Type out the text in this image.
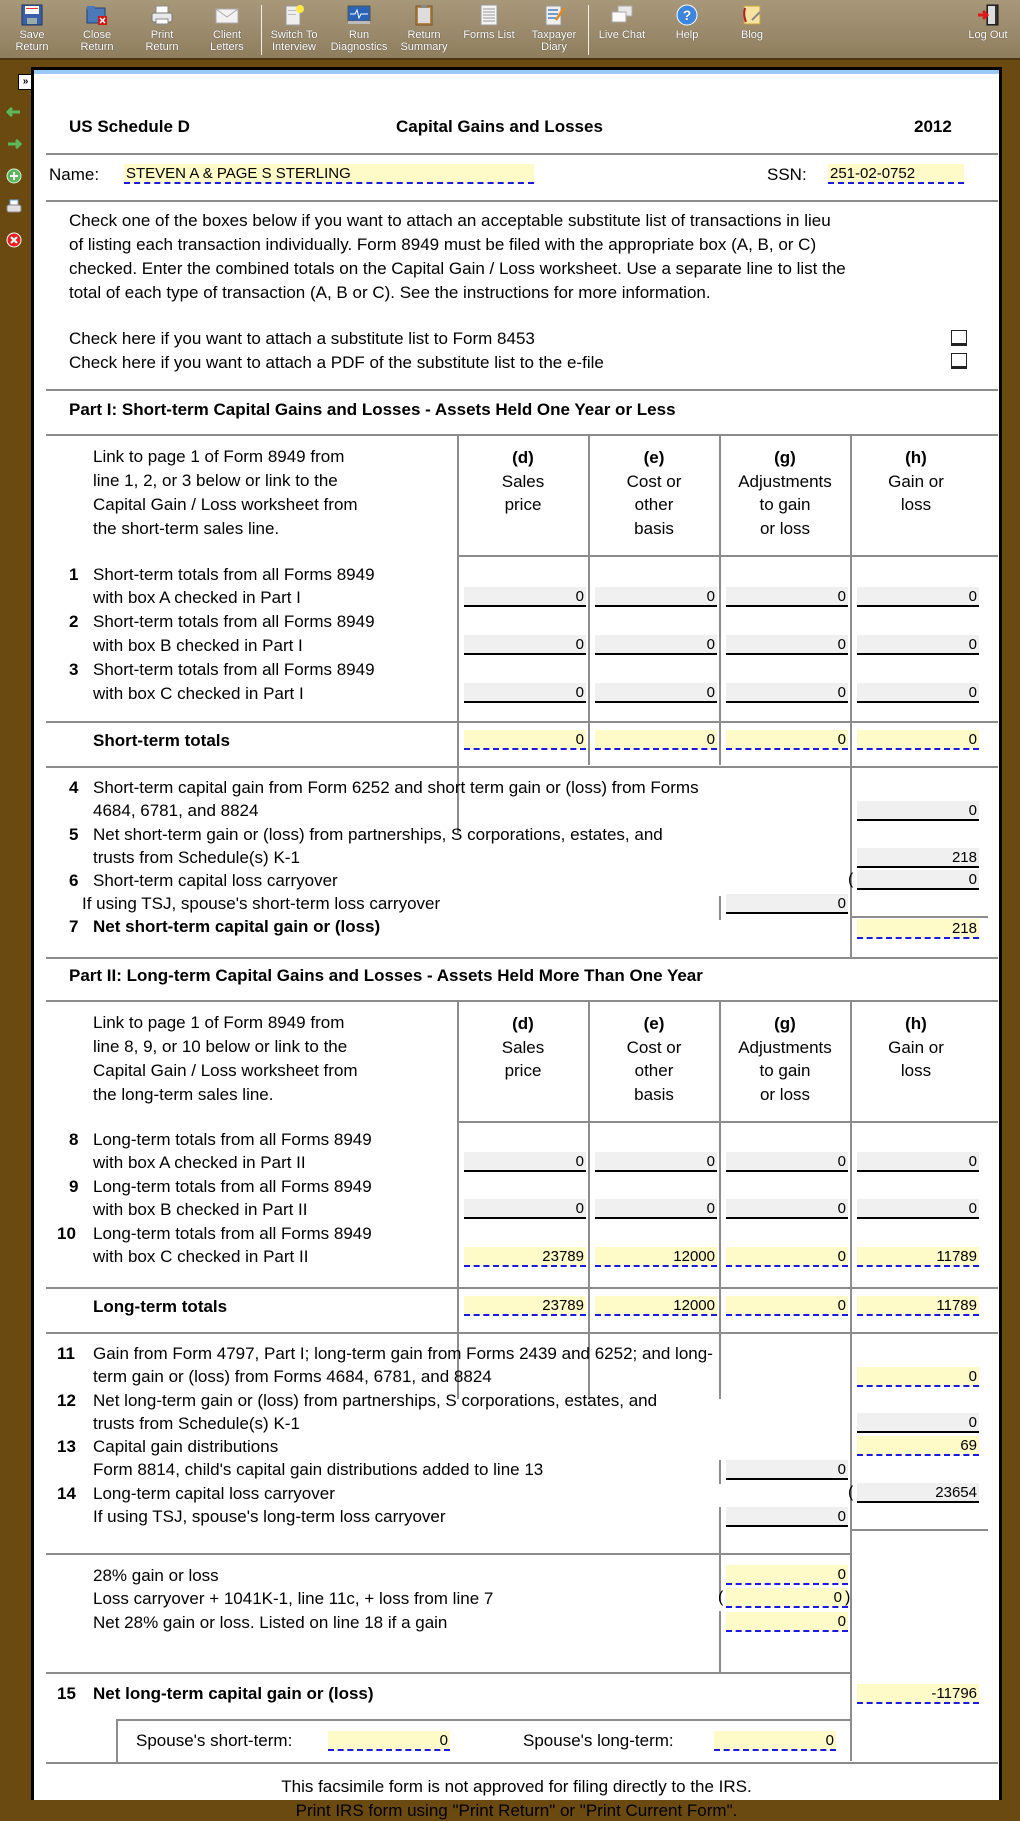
Save
Return
Close
Return
Print
Return
Client
Letters
Switch To
Interview
Run
Diagnostics
Return
Summary
Forms List	Taxpayer
Diary
Live Chat
?
Help	Blog	Log Out
»
US Schedule D	Capital Gains and Losses	2012
Name: STEVEN A & PAGE S STERLING	SSN: 251-02-0752
Check one of the boxes below if you want to attach an acceptable substitute list of transactions in lieu
of listing each transaction individually. Form 8949 must be filed with the appropriate box (A, B, or C)
checked. Enter the combined totals on the Capital Gain / Loss worksheet. Use a separate line to list the
total of each type of transaction (A, B or C). See the instructions for more information.
Check here if you want to attach a substitute list to Form 8453
Check here if you want to attach a PDF of the substitute list to the e-file
Part I: Short-term Capital Gains and Losses - Assets Held One Year or Less
Link to page 1 of Form 8949 from
line 1, 2, or 3 below or link to the
Capital Gain / Loss worksheet from
the short-term sales line.
(d)
Sales
price
(e)
Cost or
other
basis
(g)
Adjustments
to gain
or loss
(h)
Gain or
loss
1 Short-term totals from all Forms 8949
with box A checked in Part I	0	0	0	0
2 Short-term totals from all Forms 8949
with box B checked in Part I	0	0	0	0
3 Short-term totals from all Forms 8949
with box C checked in Part I	0	0	0	0
Short-term totals	0	0	0	0
4 Short-term capital gain from Form 6252 and short term gain or (loss) from Forms
4684, 6781, and 8824	0
5 Net short-term gain or (loss) from partnerships, S corporations, estates, and
trusts from Schedule(s) K-1	218
6 Short-term capital loss carryover	(	0
If using TSJ, spouse's short-term loss carryover	0
7 Net short-term capital gain or (loss)	218
Part II: Long-term Capital Gains and Losses - Assets Held More Than One Year
Link to page 1 of Form 8949 from
line 8, 9, or 10 below or link to the
Capital Gain / Loss worksheet from
the long-term sales line.
(d)
Sales
price
(e)
Cost or
other
basis
(g)
Adjustments
to gain
or loss
(h)
Gain or
loss
8 Long-term totals from all Forms 8949
with box A checked in Part II	0	0	0	0
9 Long-term totals from all Forms 8949
with box B checked in Part II	0	0	0	0
10 Long-term totals from all Forms 8949
with box C checked in Part II	23789	12000	0	11789
Long-term totals	23789	12000	0	11789
11 Gain from Form 4797, Part I; long-term gain from Forms 2439 and 6252; and long-
term gain or (loss) from Forms 4684, 6781, and 8824	0
12 Net long-term gain or (loss) from partnerships, S corporations, estates, and
trusts from Schedule(s) K-1	0
13 Capital gain distributions	69
Form 8814, child's capital gain distributions added to line 13	0
14 Long-term capital loss carryover	(	23654
If using TSJ, spouse's long-term loss carryover	0
28% gain or loss	0
Loss carryover + 1041K-1, line 11c, + loss from line 7	(	0 )
Net 28% gain or loss. Listed on line 18 if a gain	0
15 Net long-term capital gain or (loss)	-11796
Spouse's short-term:	0	Spouse's long-term:	0
This facsimile form is not approved for filing directly to the IRS.
Print IRS form using "Print Return" or "Print Current Form".
